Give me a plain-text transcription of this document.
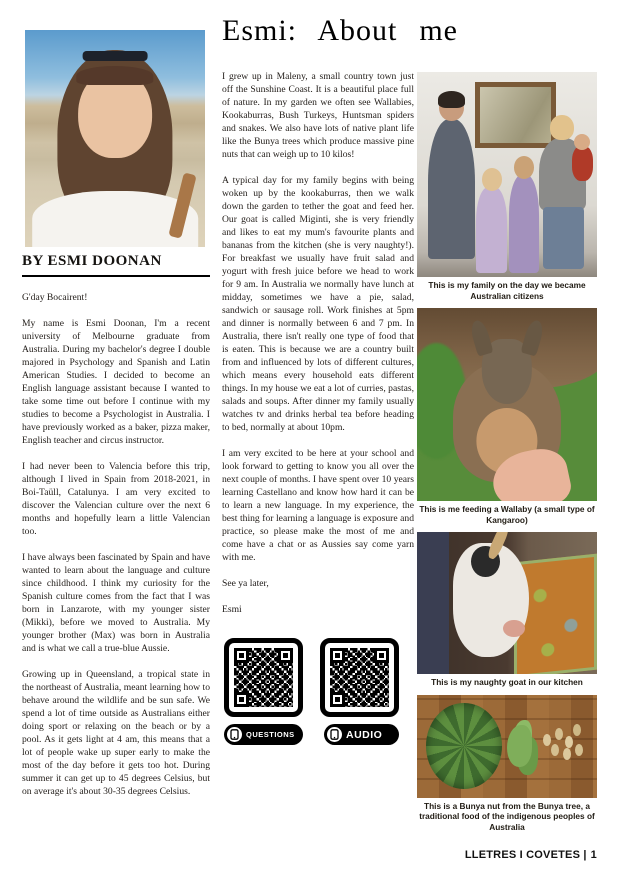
BY ESMI DOONAN

G'day Bocairent!

My name is Esmi Doonan, I'm a recent university of Melbourne graduate from Australia. During my bachelor's degree I double majored in Psychology and Spanish and Latin American Studies. I decided to become an English language assistant because I wanted to take some time out before I continue with my studies to become a Psychologist in Australia. I have previously worked as a baker, pizza maker, English teacher and circus instructor.

I had never been to Valencia before this trip, although I lived in Spain from 2018-2021, in Boi-Taüll, Catalunya. I am very excited to discover the Valencian culture over the next 6 months and hopefully learn a little Valencian too.

I have always been fascinated by Spain and have wanted to learn about the language and culture since childhood. I think my curiosity for the Spanish culture comes from the fact that I was born in Lanzarote, with my younger sister (Mikki), before we moved to Australia. My younger brother (Max) was born in Australia and is what we call a true-blue Aussie.

Growing up in Queensland, a tropical state in the northeast of Australia, meant learning how to behave around the wildlife and be sun safe. We spend a lot of time outside as Australians either doing sport or relaxing on the beach or by a pool. As it gets light at 4 am, this means that a lot of people wake up super early to make the most of the day before it gets too hot. During summer it can get up to 45 degrees Celsius, but on average it's about 30-35 degrees Celsius.

Esmi: About me

I grew up in Maleny, a small country town just off the Sunshine Coast. It is a beautiful place full of nature. In my garden we often see Wallabies, Kookaburras, Bush Turkeys, Huntsman spiders and snakes. We also have lots of native plant life like the Bunya trees which produce massive pine nuts that can weigh up to 10 kilos!

A typical day for my family begins with being woken up by the kookaburras, then we walk down the garden to tether the goat and feed her. Our goat is called Miginti, she is very friendly and likes to eat my mum's favourite plants and bananas from the kitchen (she is very naughty!). For breakfast we usually have fruit salad and yogurt with fresh juice before we head to work for 9 am. In Australia we normally have lunch at midday, sometimes we have a pie, salad, sandwich or sausage roll. Work finishes at 5pm and dinner is normally between 6 and 7 pm. In Australia, there isn't really one type of food that is eaten. This is because we are a country built from and influenced by lots of different cultures, which means every household eats different things. In my house we eat a lot of curries, pastas, salads and soups. After dinner my family usually watches tv and drinks herbal tea before heading to bed, normally at about 10pm.

I am very excited to be here at your school and look forward to getting to know you all over the next couple of months. I have spent over 10 years learning Castellano and know how hard it can be to learn a new language. In my experience, the best thing for learning a language is exposure and practice, so please make the most of me and come have a chat or as Aussies say come yarn with me.

See ya later,

Esmi

QUESTIONS	AUDIO
This is my family on the day we became Australian citizens
This is me feeding a Wallaby (a small type of Kangaroo)
This is my naughty goat in our kitchen
This is a Bunya nut from the Bunya tree, a traditional food of the indigenous peoples of Australia
LLETRES I COVETES | 1
